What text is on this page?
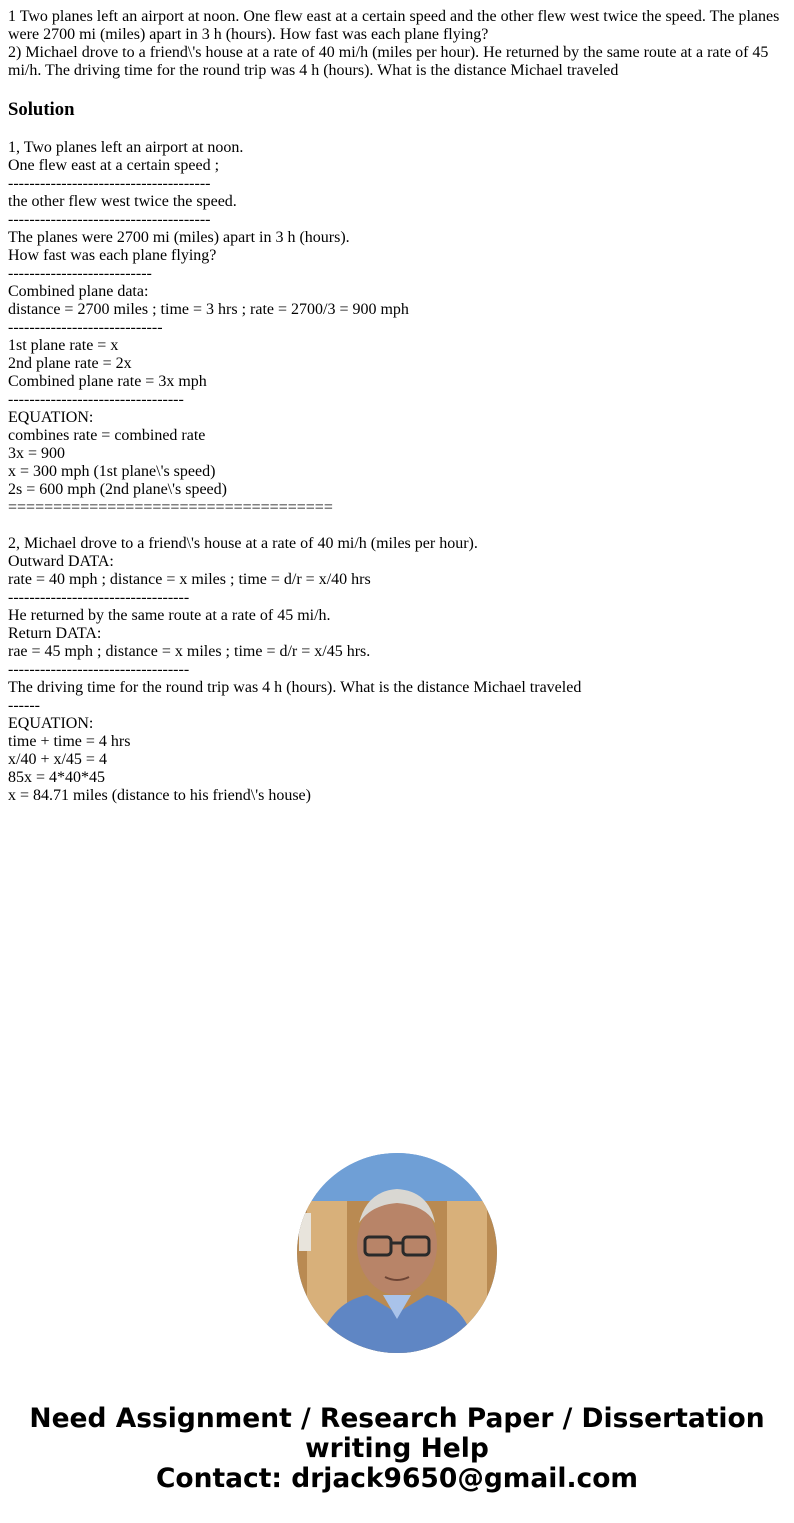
1 Two planes left an airport at noon. One flew east at a certain speed and the other flew west twice the speed. The planes were 2700 mi (miles) apart in 3 h (hours). How fast was each plane flying?

2) Michael drove to a friend\'s house at a rate of 40 mi/h (miles per hour). He returned by the same route at a rate of 45 mi/h. The driving time for the round trip was 4 h (hours). What is the distance Michael traveled

Solution
1, Two planes left an airport at noon.
One flew east at a certain speed ;
--------------------------------------
the other flew west twice the speed.
--------------------------------------
The planes were 2700 mi (miles) apart in 3 h (hours).
How fast was each plane flying?
---------------------------
Combined plane data:
distance = 2700 miles ; time = 3 hrs ; rate = 2700/3 = 900 mph
-----------------------------
1st plane rate = x
2nd plane rate = 2x
Combined plane rate = 3x mph
---------------------------------
EQUATION:
combines rate = combined rate
3x = 900
x = 300 mph (1st plane\'s speed)
2s = 600 mph (2nd plane\'s speed)
====================================
2, Michael drove to a friend\'s house at a rate of 40 mi/h (miles per hour).
Outward DATA:
rate = 40 mph ; distance = x miles ; time = d/r = x/40 hrs
----------------------------------
He returned by the same route at a rate of 45 mi/h.
Return DATA:
rae = 45 mph ; distance = x miles ; time = d/r = x/45 hrs.
----------------------------------
The driving time for the round trip was 4 h (hours). What is the distance Michael traveled
------
EQUATION:
time + time = 4 hrs
x/40 + x/45 = 4
85x = 4*40*45
x = 84.71 miles (distance to his friend\'s house)
Need Assignment / Research Paper / Dissertation
writing Help
Contact: drjack9650@gmail.com
